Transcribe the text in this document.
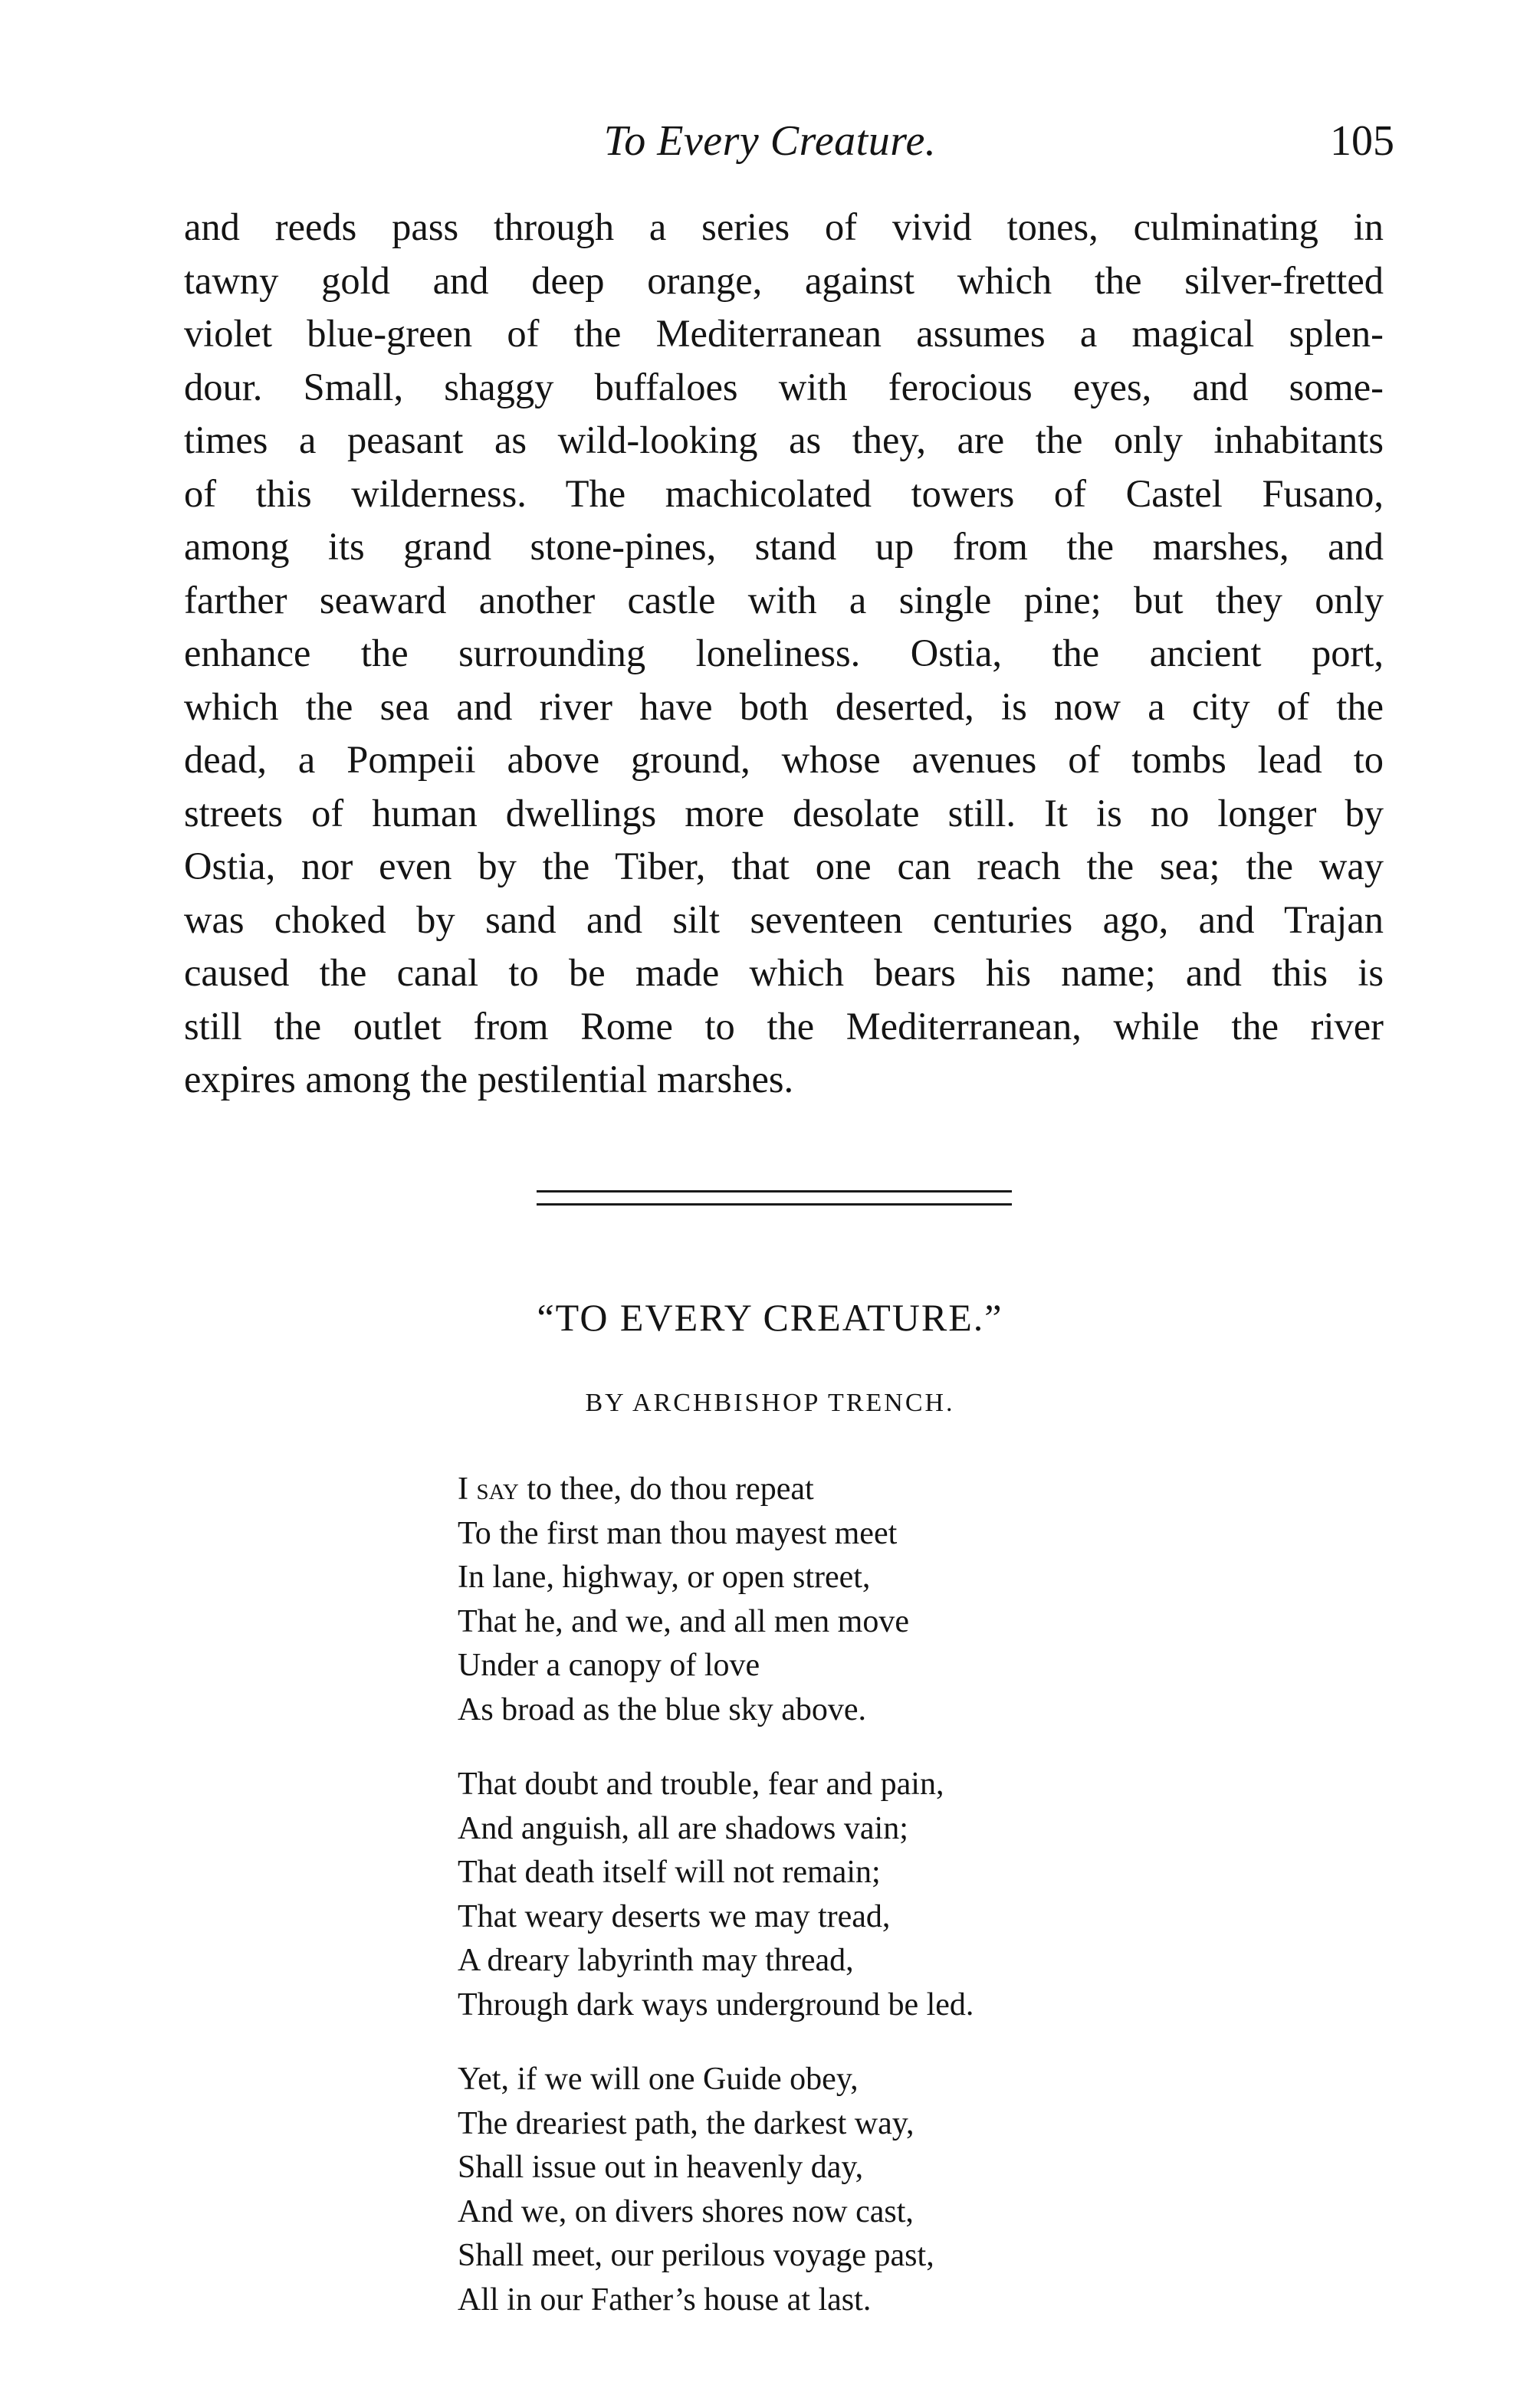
To Every Creature.	105
and reeds pass through a series of vivid tones, culminating in
tawny gold and deep orange, against which the silver-fretted
violet blue-green of the Mediterranean assumes a magical splen-
dour. Small, shaggy buffaloes with ferocious eyes, and some-
times a peasant as wild-looking as they, are the only inhabitants
of this wilderness. The machicolated towers of Castel Fusano,
among its grand stone-pines, stand up from the marshes, and
farther seaward another castle with a single pine; but they only
enhance the surrounding loneliness. Ostia, the ancient port,
which the sea and river have both deserted, is now a city of the
dead, a Pompeii above ground, whose avenues of tombs lead to
streets of human dwellings more desolate still. It is no longer by
Ostia, nor even by the Tiber, that one can reach the sea; the way
was choked by sand and silt seventeen centuries ago, and Trajan
caused the canal to be made which bears his name; and this is
still the outlet from Rome to the Mediterranean, while the river
expires among the pestilential marshes.
“TO EVERY CREATURE.”
BY ARCHBISHOP TRENCH.
I say to thee, do thou repeat
To the first man thou mayest meet
In lane, highway, or open street,
That he, and we, and all men move
Under a canopy of love
As broad as the blue sky above.
That doubt and trouble, fear and pain,
And anguish, all are shadows vain;
That death itself will not remain;
That weary deserts we may tread,
A dreary labyrinth may thread,
Through dark ways underground be led.
Yet, if we will one Guide obey,
The dreariest path, the darkest way,
Shall issue out in heavenly day,
And we, on divers shores now cast,
Shall meet, our perilous voyage past,
All in our Father’s house at last.
